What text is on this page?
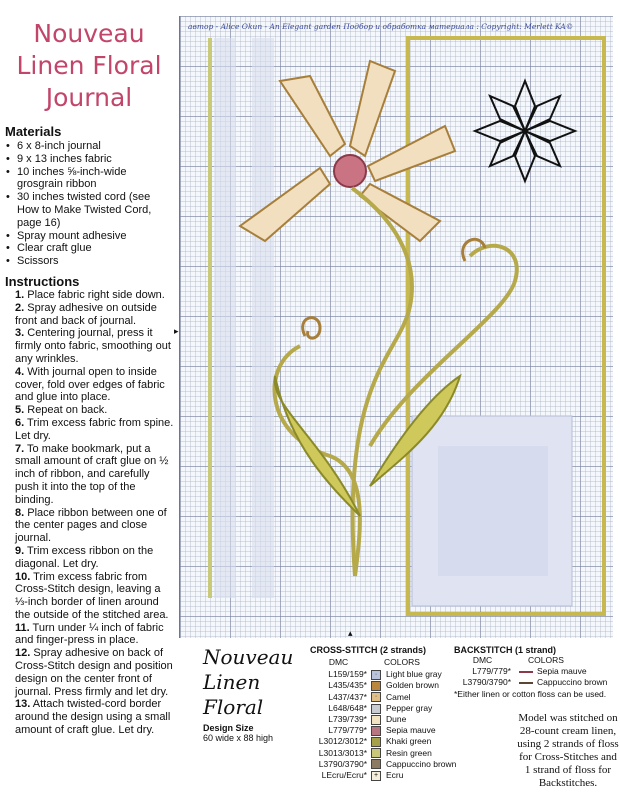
Nouveau
Linen Floral
Journal
Materials
• 6 x 8-inch journal
• 9 x 13 inches fabric
• 10 inches ⅝-inch-wide grosgrain ribbon
• 30 inches twisted cord (see How to Make Twisted Cord, page 16)
• Spray mount adhesive
• Clear craft glue
• Scissors
Instructions
1. Place fabric right side down.
2. Spray adhesive on outside front and back of journal.
3. Centering journal, press it firmly onto fabric, smoothing out any wrinkles.
4. With journal open to inside cover, fold over edges of fabric and glue into place.
5. Repeat on back.
6. Trim excess fabric from spine. Let dry.
7. To make bookmark, put a small amount of craft glue on ½ inch of ribbon, and carefully push it into the top of the binding.
8. Place ribbon between one of the center pages and close journal.
9. Trim excess ribbon on the diagonal. Let dry.
10. Trim excess fabric from Cross-Stitch design, leaving a ⅓-inch border of linen around the outside of the stitched area.
11. Turn under ¼ inch of fabric and finger-press in place.
12. Spray adhesive on back of Cross-Stitch design and position design on the center front of journal. Press firmly and let dry.
13. Attach twisted-cord border around the design using a small amount of craft glue. Let dry.
автор - Alice Okun - An Elegant garden Подбор и обработка материала : Copyright: Merlett KA©
▸
▴
Nouveau
Linen
Floral
Design Size
60 wide x 88 high
CROSS-STITCH (2 strands)
DMC	COLORS
L159/159* · Light blue gray
L435/435* Golden brown
L437/437* · Camel
L648/648* Pepper gray
L739/739* Dune
L779/779* Sepia mauve
L3012/3012* Khaki green
L3013/3013* Resin green
L3790/3790* Cappuccino brown
LEcru/Ecru* + Ecru
BACKSTITCH (1 strand)
DMC	COLORS
L779/779*	Sepia mauve
L3790/3790*	Cappuccino brown
*Either linen or cotton floss can be used.
Model was stitched on
28-count cream linen,
using 2 strands of floss
for Cross-Stitches and
1 strand of floss for
Backstitches.
